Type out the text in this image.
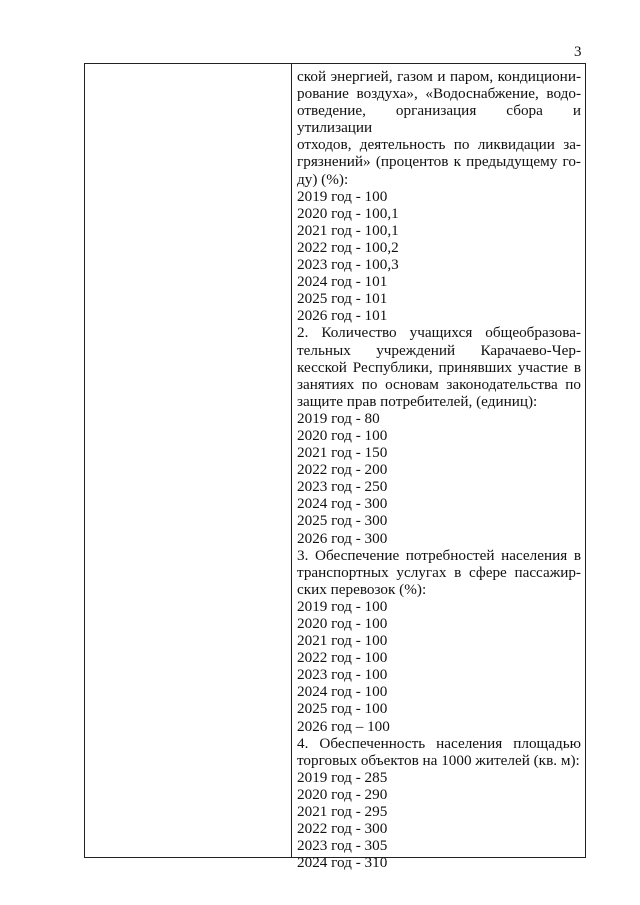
3
ской энергией, газом и паром, кондициони-
рование воздуха», «Водоснабжение, водо-
отведение, организация сбора и утилизации
отходов, деятельность по ликвидации за-
грязнений» (процентов к предыдущему го-
ду) (%):
2019 год - 100
2020 год - 100,1
2021 год - 100,1
2022 год - 100,2
2023 год - 100,3
2024 год - 101
2025 год - 101
2026 год - 101
2. Количество учащихся общеобразова-
тельных учреждений Карачаево-Чер-
кесской Республики, принявших участие в
занятиях по основам законодательства по
защите прав потребителей, (единиц):
2019 год - 80
2020 год - 100
2021 год - 150
2022 год - 200
2023 год - 250
2024 год - 300
2025 год - 300
2026 год - 300
3. Обеспечение потребностей населения в
транспортных услугах в сфере пассажир-
ских перевозок (%):
2019 год - 100
2020 год - 100
2021 год - 100
2022 год - 100
2023 год - 100
2024 год - 100
2025 год - 100
2026 год – 100
4. Обеспеченность населения площадью
торговых объектов на 1000 жителей (кв. м):
2019 год - 285
2020 год - 290
2021 год - 295
2022 год - 300
2023 год - 305
2024 год - 310
